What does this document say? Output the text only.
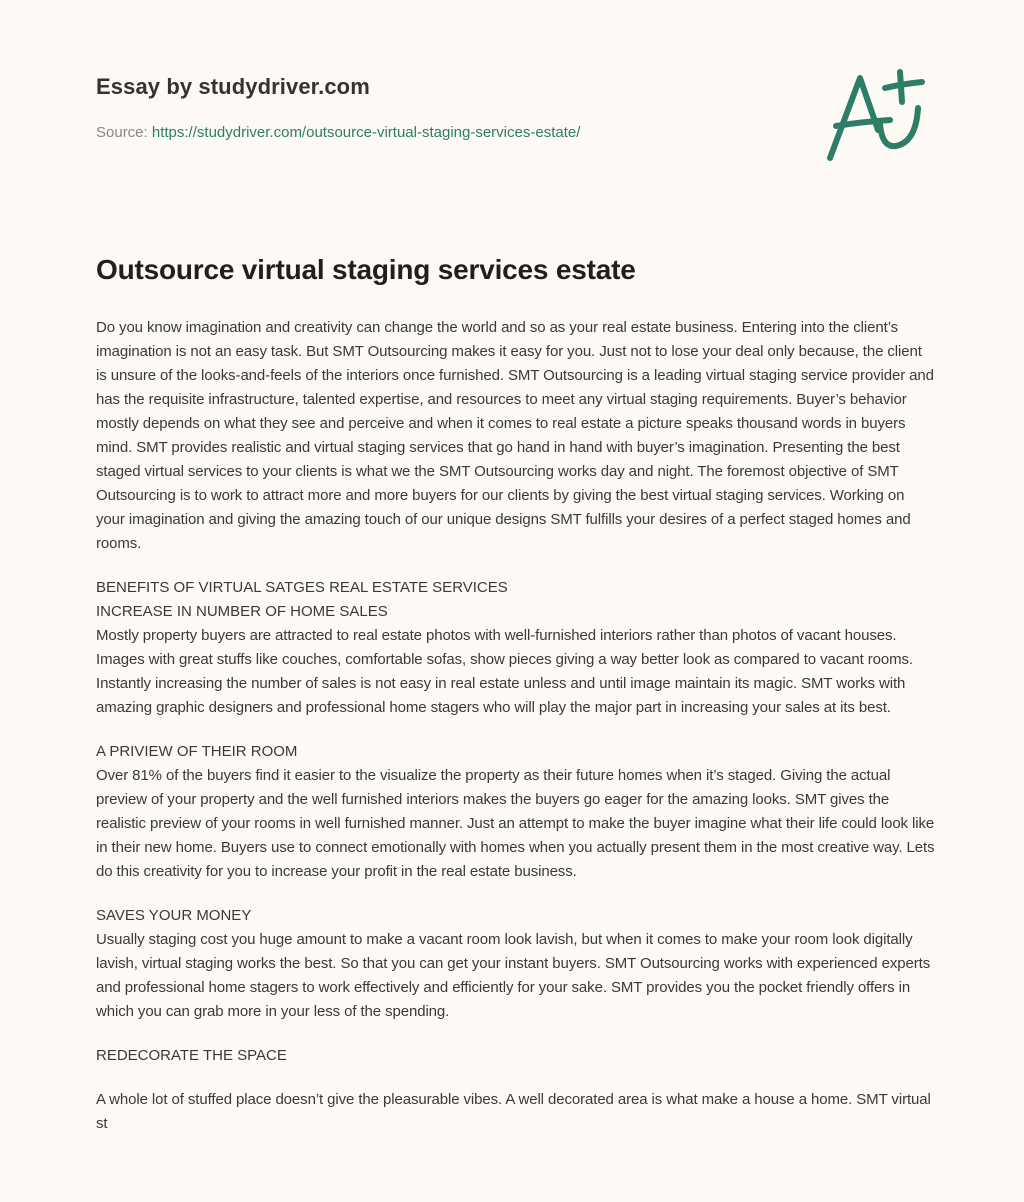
Essay by studydriver.com
Source: https://studydriver.com/outsource-virtual-staging-services-estate/
Outsource virtual staging services estate

Do you know imagination and creativity can change the world and so as your real estate business. Entering into the client’s imagination is not an easy task. But SMT Outsourcing makes it easy for you. Just not to lose your deal only because, the client is unsure of the looks-and-feels of the interiors once furnished. SMT Outsourcing is a leading virtual staging service provider and has the requisite infrastructure, talented expertise, and resources to meet any virtual staging requirements. Buyer’s behavior mostly depends on what they see and perceive and when it comes to real estate a picture speaks thousand words in buyers mind. SMT provides realistic and virtual staging services that go hand in hand with buyer’s imagination. Presenting the best staged virtual services to your clients is what we the SMT Outsourcing works day and night. The foremost objective of SMT Outsourcing is to work to attract more and more buyers for our clients by giving the best virtual staging services. Working on your imagination and giving the amazing touch of our unique designs SMT fulfills your desires of a perfect staged homes and rooms.

BENEFITS OF VIRTUAL SATGES REAL ESTATE SERVICES

INCREASE IN NUMBER OF HOME SALES

Mostly property buyers are attracted to real estate photos with well-furnished interiors rather than photos of vacant houses. Images with great stuffs like couches, comfortable sofas, show pieces giving a way better look as compared to vacant rooms. Instantly increasing the number of sales is not easy in real estate unless and until image maintain its magic. SMT works with amazing graphic designers and professional home stagers who will play the major part in increasing your sales at its best.

A PRIVIEW OF THEIR ROOM

Over 81% of the buyers find it easier to the visualize the property as their future homes when it’s staged. Giving the actual preview of your property and the well furnished interiors makes the buyers go eager for the amazing looks. SMT gives the realistic preview of your rooms in well furnished manner. Just an attempt to make the buyer imagine what their life could look like in their new home. Buyers use to connect emotionally with homes when you actually present them in the most creative way. Lets do this creativity for you to increase your profit in the real estate business.

SAVES YOUR MONEY

Usually staging cost you huge amount to make a vacant room look lavish, but when it comes to make your room look digitally lavish, virtual staging works the best. So that you can get your instant buyers. SMT Outsourcing works with experienced experts and professional home stagers to work effectively and efficiently for your sake. SMT provides you the pocket friendly offers in which you can grab more in your less of the spending.

REDECORATE THE SPACE

A whole lot of stuffed place doesn’t give the pleasurable vibes. A well decorated area is what make a house a home. SMT virtual st
